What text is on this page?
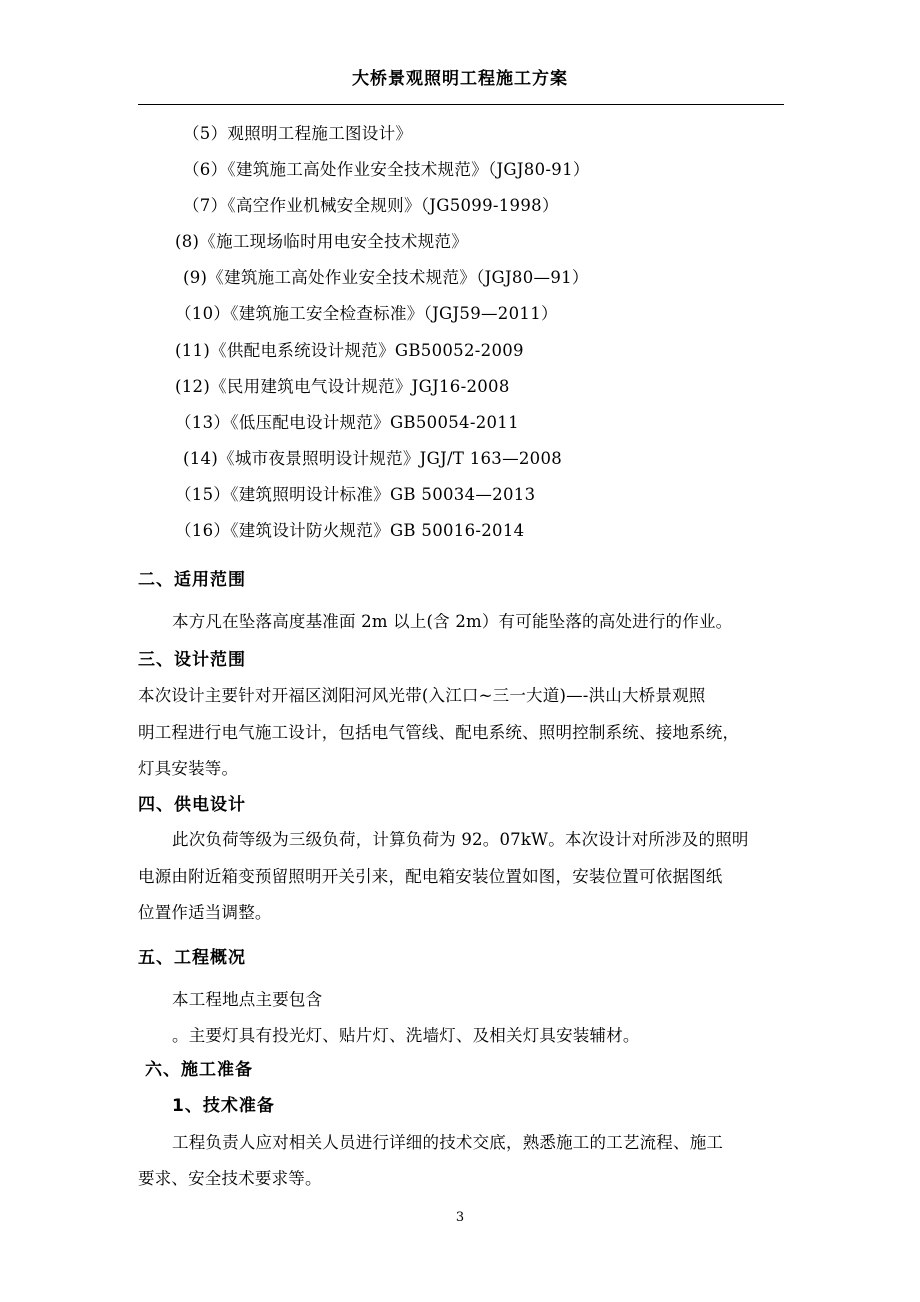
大桥景观照明工程施工方案
（5）观照明工程施工图设计》
（6）《建筑施工高处作业安全技术规范》（JGJ80-91）
（7）《高空作业机械安全规则》（JG5099-1998）
(8)《施工现场临时用电安全技术规范》
(9)《建筑施工高处作业安全技术规范》（JGJ80—91）
（10）《建筑施工安全检查标准》（JGJ59—2011）
(11)《供配电系统设计规范》GB50052-2009
(12)《民用建筑电气设计规范》JGJ16-2008
（13）《低压配电设计规范》GB50054-2011
(14)《城市夜景照明设计规范》JGJ/T 163—2008
（15）《建筑照明设计标准》GB 50034—2013
（16）《建筑设计防火规范》GB 50016-2014
二、适用范围
本方凡在坠落高度基准面 2m 以上(含 2m）有可能坠落的高处进行的作业。
三、设计范围
本次设计主要针对开福区浏阳河风光带(入江口~三一大道)—-洪山大桥景观照
明工程进行电气施工设计，包括电气管线、配电系统、照明控制系统、接地系统，
灯具安装等。
四、供电设计
此次负荷等级为三级负荷，计算负荷为 92。07kW。本次设计对所涉及的照明
电源由附近箱变预留照明开关引来，配电箱安装位置如图，安装位置可依据图纸
位置作适当调整。
五、工程概况
本工程地点主要包含
。主要灯具有投光灯、贴片灯、洗墙灯、及相关灯具安装辅材。
六、施工准备
1、技术准备
工程负责人应对相关人员进行详细的技术交底，熟悉施工的工艺流程、施工
要求、安全技术要求等。
3
